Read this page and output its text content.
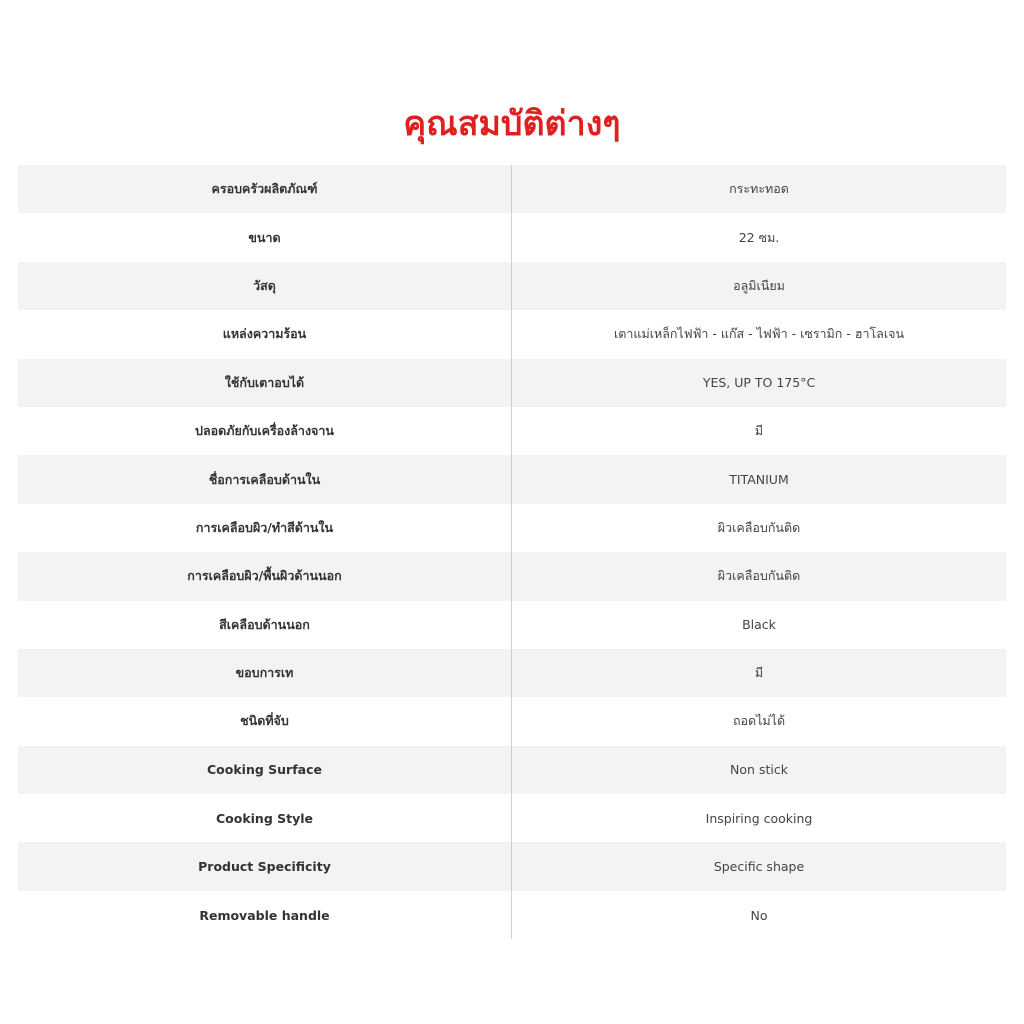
คุณสมบัติต่างๆ
ครอบครัวผลิตภัณฑ์	กระทะทอด
ขนาด	22 ซม.
วัสดุ	อลูมิเนียม
แหล่งความร้อน	เตาแม่เหล็กไฟฟ้า - แก๊ส - ไฟฟ้า - เซรามิก - ฮาโลเจน
ใช้กับเตาอบได้	YES, UP TO 175°C
ปลอดภัยกับเครื่องล้างจาน	มี
ชื่อการเคลือบด้านใน	TITANIUM
การเคลือบผิว/ทำสีด้านใน	ผิวเคลือบกันติด
การเคลือบผิว/พื้นผิวด้านนอก	ผิวเคลือบกันติด
สีเคลือบด้านนอก	Black
ขอบการเท	มี
ชนิดที่จับ	ถอดไม่ได้
Cooking Surface	Non stick
Cooking Style	Inspiring cooking
Product Specificity	Specific shape
Removable handle	No
